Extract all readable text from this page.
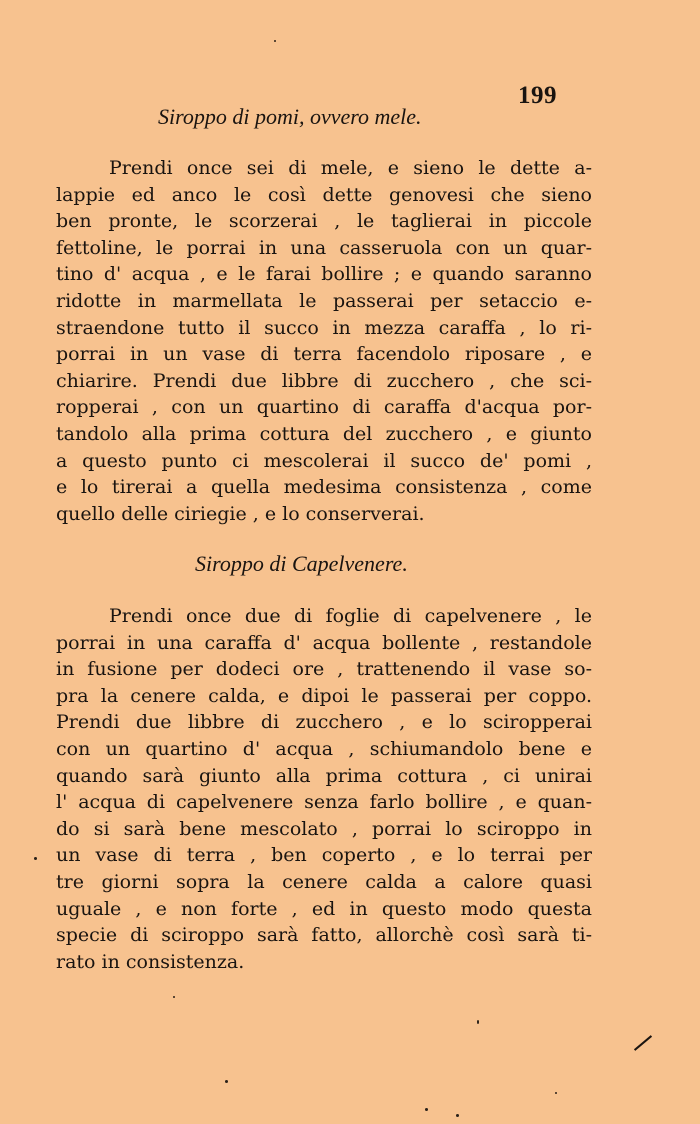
199
Siroppo di pomi, ovvero mele.
Prendi once sei di mele, e sieno le dette a-
lappie ed anco le così dette genovesi che sieno
ben pronte, le scorzerai , le taglierai in piccole
fettoline, le porrai in una casseruola con un quar-
tino d' acqua , e le farai bollire ; e quando saranno
ridotte in marmellata le passerai per setaccio e-
straendone tutto il succo in mezza caraffa , lo ri-
porrai in un vase di terra facendolo riposare , e
chiarire. Prendi due libbre di zucchero , che sci-
ropperai , con un quartino di caraffa d'acqua por-
tandolo alla prima cottura del zucchero , e giunto
a questo punto ci mescolerai il succo de' pomi ,
e lo tirerai a quella medesima consistenza , come
quello delle ciriegie , e lo conserverai.
Siroppo di Capelvenere.
Prendi once due di foglie di capelvenere , le
porrai in una caraffa d' acqua bollente , restandole
in fusione per dodeci ore , trattenendo il vase so-
pra la cenere calda, e dipoi le passerai per coppo.
Prendi due libbre di zucchero , e lo sciropperai
con un quartino d' acqua , schiumandolo bene e
quando sarà giunto alla prima cottura , ci unirai
l' acqua di capelvenere senza farlo bollire , e quan-
do si sarà bene mescolato , porrai lo sciroppo in
un vase di terra , ben coperto , e lo terrai per
tre giorni sopra la cenere calda a calore quasi
uguale , e non forte , ed in questo modo questa
specie di sciroppo sarà fatto, allorchè così sarà ti-
rato in consistenza.
